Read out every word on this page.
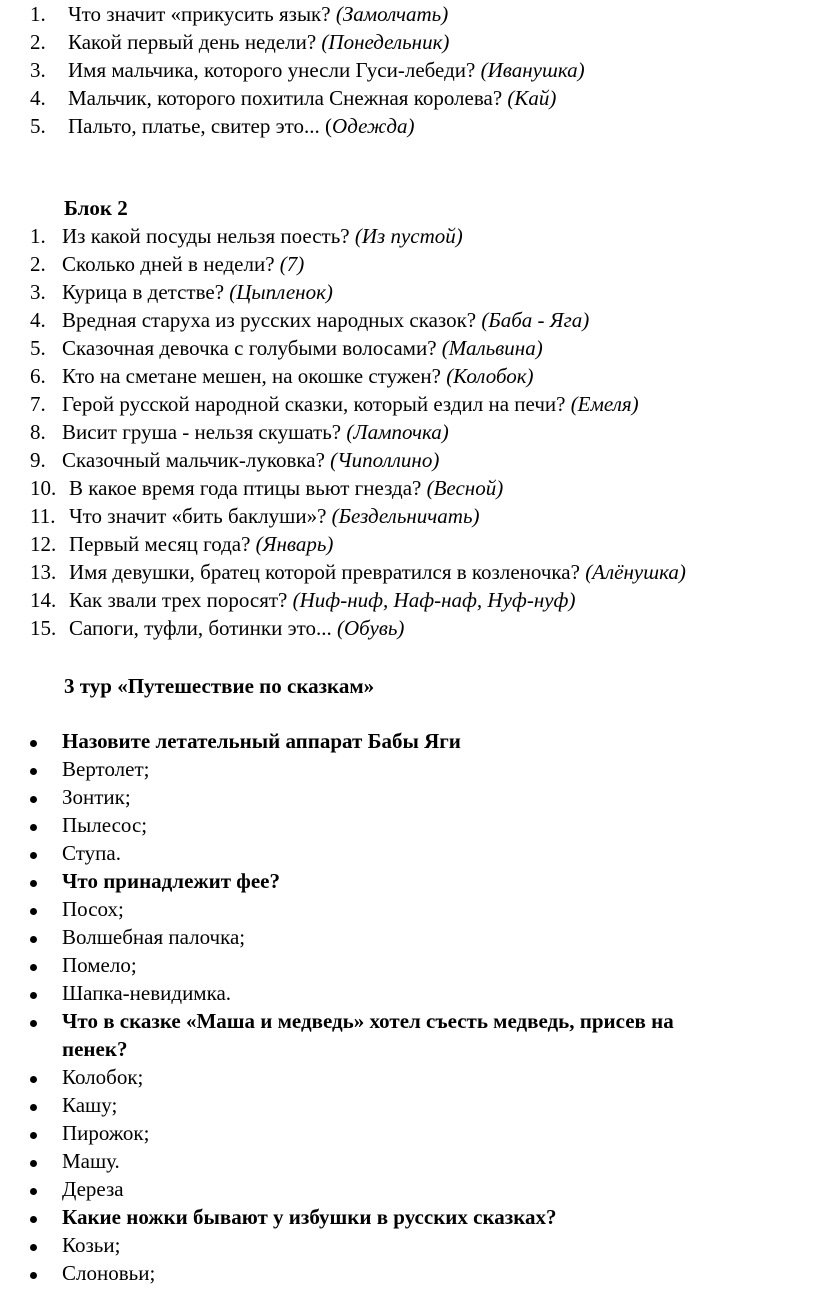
1. Что значит «прикусить язык? (Замолчать)
2. Какой первый день недели? (Понедельник)
3. Имя мальчика, которого унесли Гуси-лебеди? (Иванушка)
4. Мальчик, которого похитила Снежная королева? (Кай)
5. Пальто, платье, свитер это... (Одежда)
Блок 2
1. Из какой посуды нельзя поесть? (Из пустой)
2. Сколько дней в недели? (7)
3. Курица в детстве? (Цыпленок)
4. Вредная старуха из русских народных сказок? (Баба - Яга)
5. Сказочная девочка с голубыми волосами? (Мальвина)
6. Кто на сметане мешен, на окошке стужен? (Колобок)
7. Герой русской народной сказки, который ездил на печи? (Емеля)
8. Висит груша - нельзя скушать? (Лампочка)
9. Сказочный мальчик-луковка? (Чиполлино)
10. В какое время года птицы вьют гнезда? (Весной)
11. Что значит «бить баклуши»? (Бездельничать)
12. Первый месяц года? (Январь)
13. Имя девушки, братец которой превратился в козленочка? (Алёнушка)
14. Как звали трех поросят? (Ниф-ниф, Наф-наф, Нуф-нуф)
15. Сапоги, туфли, ботинки это... (Обувь)
3 тур «Путешествие по сказкам»
Назовите летательный аппарат Бабы Яги
Вертолет;
Зонтик;
Пылесос;
Ступа.
Что принадлежит фее?
Посох;
Волшебная палочка;
Помело;
Шапка-невидимка.
Что в сказке «Маша и медведь» хотел съесть медведь, присев на
пенек?
Колобок;
Кашу;
Пирожок;
Машу.
Дереза
Какие ножки бывают у избушки в русских сказках?
Козьи;
Слоновьи;
